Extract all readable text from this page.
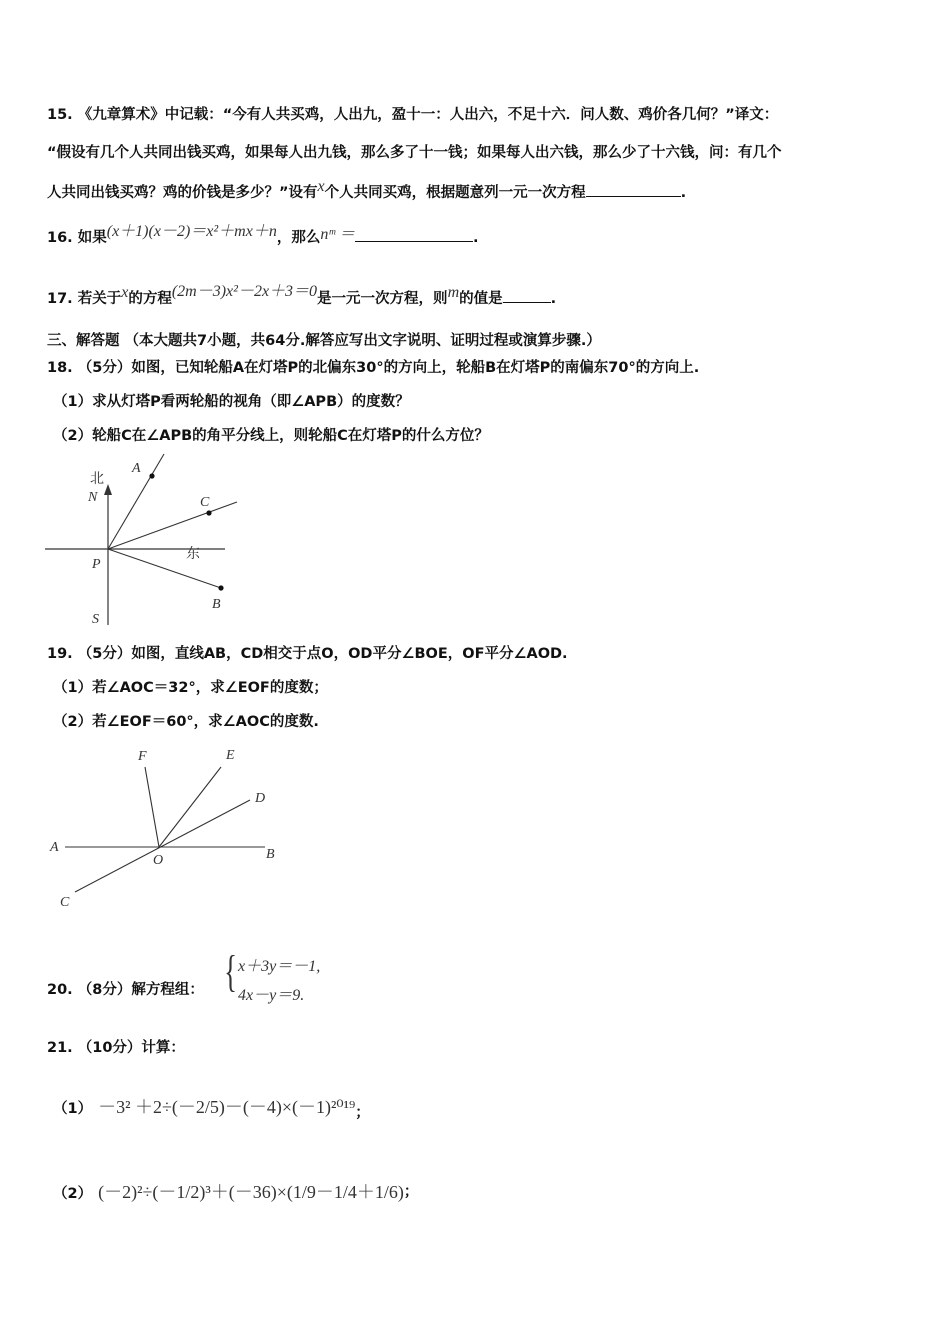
15. 《九章算术》中记载：“今有人共买鸡，人出九，盈十一：人出六，不足十六．问人数、鸡价各几何？”译文：
“假设有几个人共同出钱买鸡，如果每人出九钱，那么多了十一钱；如果每人出六钱，那么少了十六钱，问：有几个
人共同出钱买鸡？鸡的价钱是多少？”设有x个人共同买鸡，根据题意列一元一次方程	.
16. 如果(x＋1)(x－2)＝x²＋mx＋n，那么nᵐ ＝	.
17. 若关于x的方程(2m－3)x²－2x＋3＝0是一元一次方程，则m的值是	.
三、解答题 （本大题共7小题，共64分.解答应写出文字说明、证明过程或演算步骤.）
18. （5分）如图，已知轮船A在灯塔P的北偏东30°的方向上，轮船B在灯塔P的南偏东70°的方向上.
（1）求从灯塔P看两轮船的视角（即∠APB）的度数？
（2）轮船C在∠APB的角平分线上，则轮船C在灯塔P的什么方位？
北
N
A
C
东
P
B
S
19. （5分）如图，直线AB，CD相交于点O，OD平分∠BOE，OF平分∠AOD.
（1）若∠AOC＝32°，求∠EOF的度数；
（2）若∠EOF＝60°，求∠AOC的度数.
F	E
D
A
O	B
C
20. （8分）解方程组： { x＋3y＝－1,
4x－y＝9.
21. （10分）计算：
（1） －3² ＋2÷(－2/5)－(－4)×(－1)²⁰¹⁹；
（2） (－2)²÷(－1/2)³＋(－36)×(1/9－1/4＋1/6)；
